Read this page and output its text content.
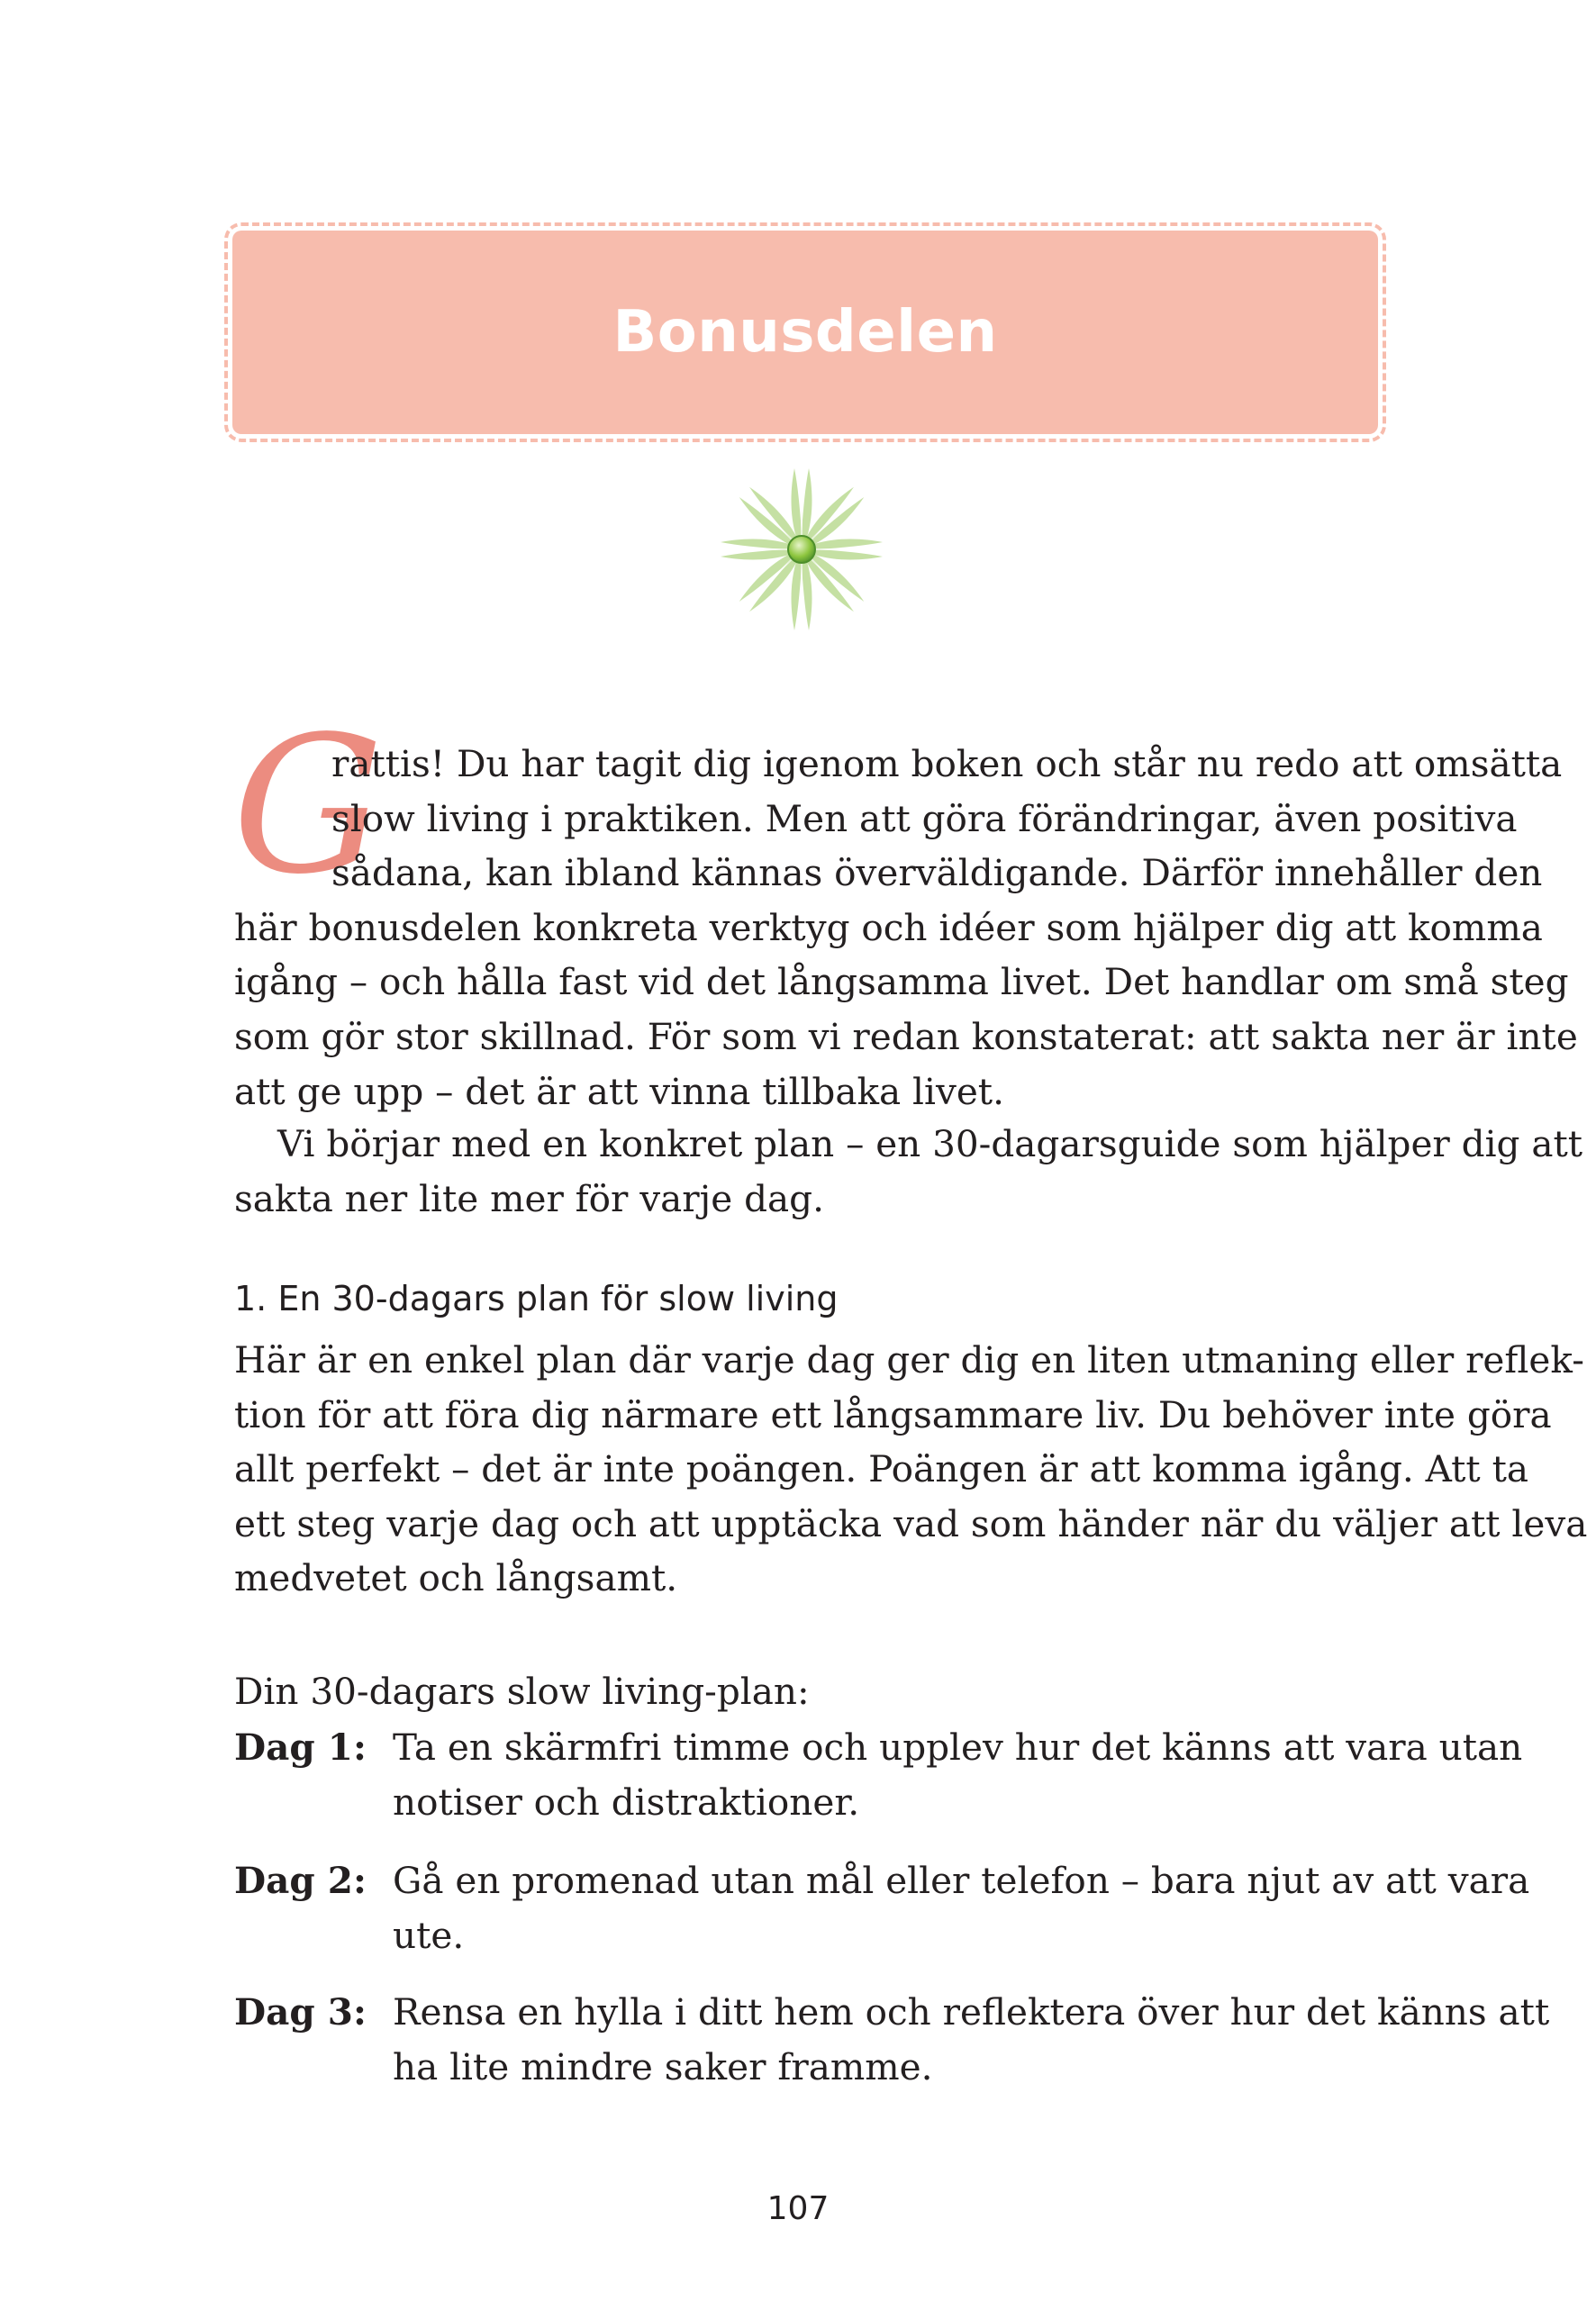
Bonusdelen
G
rattis! Du har tagit dig igenom boken och står nu redo att omsätta
slow living i praktiken. Men att göra förändringar, även positiva
sådana, kan ibland kännas överväldigande. Därför innehåller den
här bonusdelen konkreta verktyg och idéer som hjälper dig att komma
igång – och hålla fast vid det långsamma livet. Det handlar om små steg
som gör stor skillnad. För som vi redan konstaterat: att sakta ner är inte
att ge upp – det är att vinna tillbaka livet.
Vi börjar med en konkret plan – en 30-dagarsguide som hjälper dig att
sakta ner lite mer för varje dag.
1. En 30-dagars plan för slow living
Här är en enkel plan där varje dag ger dig en liten utmaning eller reflek-
tion för att föra dig närmare ett långsammare liv. Du behöver inte göra
allt perfekt – det är inte poängen. Poängen är att komma igång. Att ta
ett steg varje dag och att upptäcka vad som händer när du väljer att leva
medvetet och långsamt.
Din 30-dagars slow living-plan:
Dag 1: Ta en skärmfri timme och upplev hur det känns att vara utan
notiser och distraktioner.
Dag 2: Gå en promenad utan mål eller telefon – bara njut av att vara
ute.
Dag 3: Rensa en hylla i ditt hem och reflektera över hur det känns att
ha lite mindre saker framme.
107
